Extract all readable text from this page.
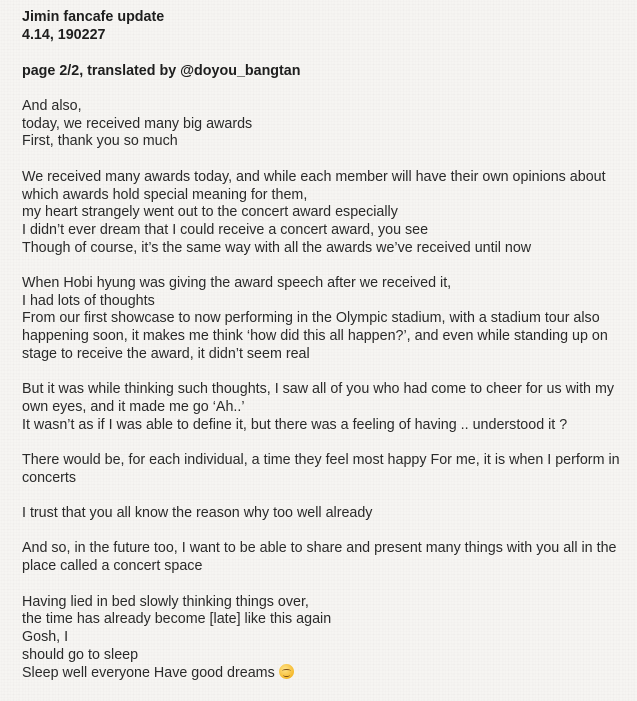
Jimin fancafe update
4.14, 190227
page 2/2, translated by @doyou_bangtan
And also,
today, we received many big awards
First, thank you so much
We received many awards today, and while each member will have their own opinions about
which awards hold special meaning for them,
my heart strangely went out to the concert award especially
I didn’t ever dream that I could receive a concert award, you see
Though of course, it’s the same way with all the awards we’ve received until now
When Hobi hyung was giving the award speech after we received it,
I had lots of thoughts
From our first showcase to now performing in the Olympic stadium, with a stadium tour also
happening soon, it makes me think ‘how did this all happen?’, and even while standing up on
stage to receive the award, it didn’t seem real
But it was while thinking such thoughts, I saw all of you who had come to cheer for us with my
own eyes, and it made me go ‘Ah..’
It wasn’t as if I was able to define it, but there was a feeling of having .. understood it ?
There would be, for each individual, a time they feel most happy For me, it is when I perform in
concerts
I trust that you all know the reason why too well already
And so, in the future too, I want to be able to share and present many things with you all in the
place called a concert space
Having lied in bed slowly thinking things over,
the time has already become [late] like this again
Gosh, I
should go to sleep
Sleep well everyone Have good dreams
